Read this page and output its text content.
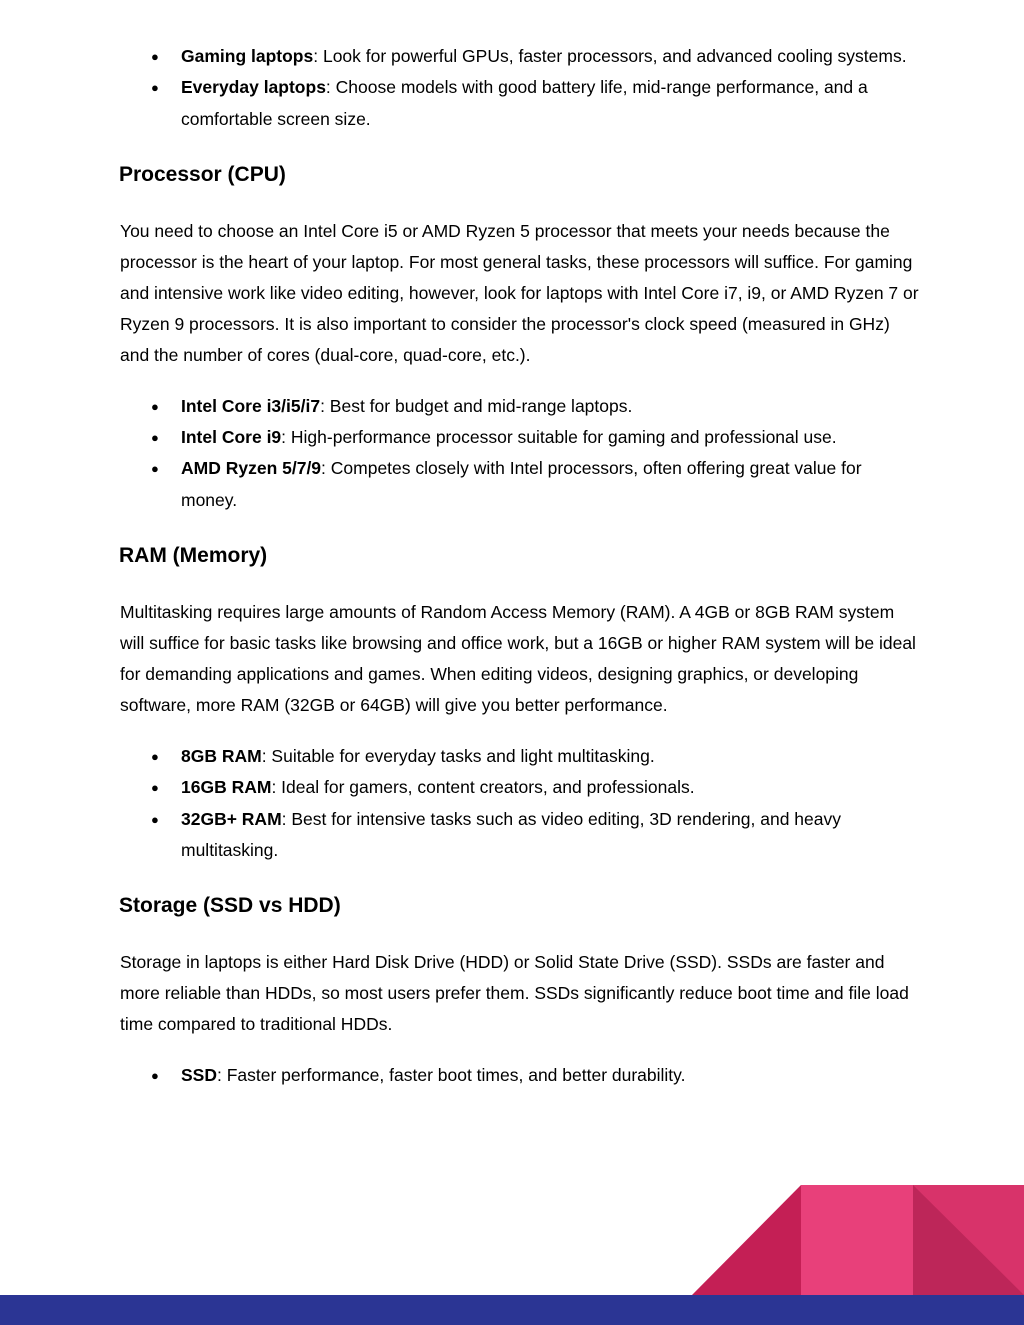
● Gaming laptops: Look for powerful GPUs, faster processors, and advanced cooling systems.
● Everyday laptops: Choose models with good battery life, mid-range performance, and a comfortable screen size.
Processor (CPU)

You need to choose an Intel Core i5 or AMD Ryzen 5 processor that meets your needs because the processor is the heart of your laptop. For most general tasks, these processors will suffice. For gaming and intensive work like video editing, however, look for laptops with Intel Core i7, i9, or AMD Ryzen 7 or Ryzen 9 processors. It is also important to consider the processor's clock speed (measured in GHz) and the number of cores (dual-core, quad-core, etc.).

● Intel Core i3/i5/i7: Best for budget and mid-range laptops.
● Intel Core i9: High-performance processor suitable for gaming and professional use.
● AMD Ryzen 5/7/9: Competes closely with Intel processors, often offering great value for money.
RAM (Memory)

Multitasking requires large amounts of Random Access Memory (RAM). A 4GB or 8GB RAM system will suffice for basic tasks like browsing and office work, but a 16GB or higher RAM system will be ideal for demanding applications and games. When editing videos, designing graphics, or developing software, more RAM (32GB or 64GB) will give you better performance.

● 8GB RAM: Suitable for everyday tasks and light multitasking.
● 16GB RAM: Ideal for gamers, content creators, and professionals.
● 32GB+ RAM: Best for intensive tasks such as video editing, 3D rendering, and heavy multitasking.
Storage (SSD vs HDD)

Storage in laptops is either Hard Disk Drive (HDD) or Solid State Drive (SSD). SSDs are faster and more reliable than HDDs, so most users prefer them. SSDs significantly reduce boot time and file load time compared to traditional HDDs.

● SSD: Faster performance, faster boot times, and better durability.
